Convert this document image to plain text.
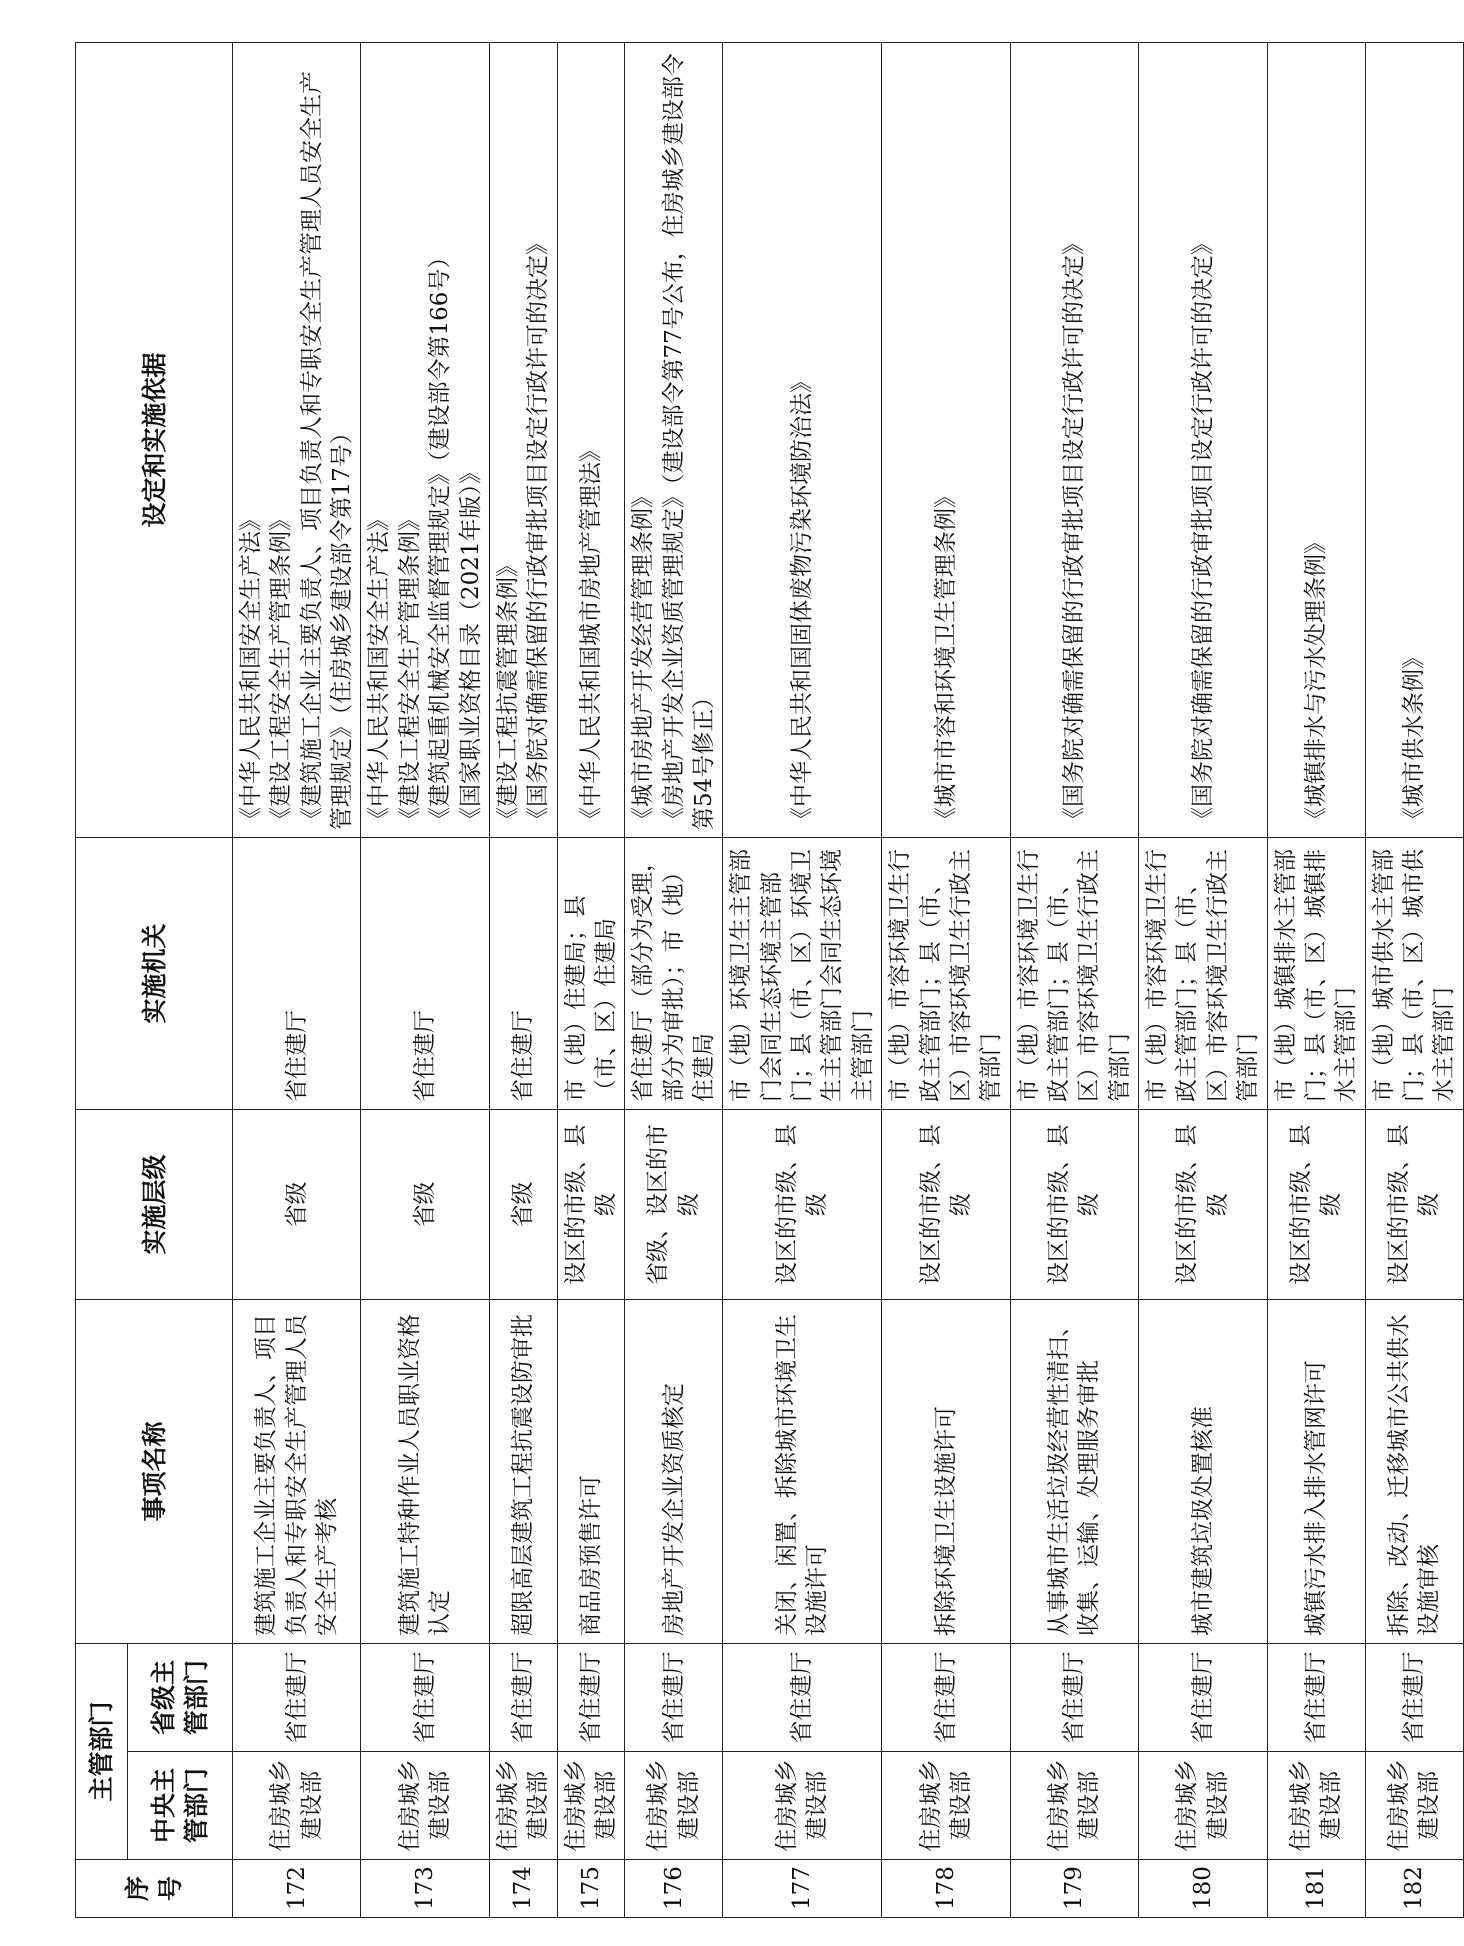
序号	主管部门		事项名称	实施层级	实施机关	设定和实施依据
	中央主管部门	省级主管部门				
172	住房城乡建设部	省住建厅	建筑施工企业主要负责人、项目负责人和专职安全生产管理人员安全生产考核	省级	省住建厅	《中华人民共和国安全生产法》 《建设工程安全生产管理条例》 《建筑施工企业主要负责人、项目负责人和专职安全生产管理人员安全生产管理规定》（住房城乡建设部令第17号）

173	住房城乡建设部	省住建厅	建筑施工特种作业人员职业资格认定	省级	省住建厅	《中华人民共和国安全生产法》 《建设工程安全生产管理条例》 《建筑起重机械安全监督管理规定》（建设部令第166号） 《国家职业资格目录（2021年版）》

174	住房城乡建设部	省住建厅	超限高层建筑工程抗震设防审批	省级	省住建厅	《建设工程抗震管理条例》 《国务院对确需保留的行政审批项目设定行政许可的决定》

175	住房城乡建设部	省住建厅	商品房预售许可	设区的市级、县级	市（地）住建局；县（市、区）住建局	《中华人民共和国城市房地产管理法》

176	住房城乡建设部	省住建厅	房地产开发企业资质核定	省级、设区的市级	省住建厅（部分为受理，部分为审批）；市（地）住建局	《城市房地产开发经营管理条例》 《房地产开发企业资质管理规定》（建设部令第77号公布，住房城乡建设部令第54号修正）

177	住房城乡建设部	省住建厅	关闭、闲置、拆除城市环境卫生设施许可	设区的市级、县级	市（地）环境卫生主管部门会同生态环境主管部门；县（市、区）环境卫生主管部门会同生态环境主管部门	《中华人民共和国固体废物污染环境防治法》

178	住房城乡建设部	省住建厅	拆除环境卫生设施许可	设区的市级、县级	市（地）市容环境卫生行政主管部门；县（市、区）市容环境卫生行政主管部门	《城市市容和环境卫生管理条例》

179	住房城乡建设部	省住建厅	从事城市生活垃圾经营性清扫、收集、运输、处理服务审批	设区的市级、县级	市（地）市容环境卫生行政主管部门；县（市、区）市容环境卫生行政主管部门	《国务院对确需保留的行政审批项目设定行政许可的决定》

180	住房城乡建设部	省住建厅	城市建筑垃圾处置核准	设区的市级、县级	市（地）市容环境卫生行政主管部门；县（市、区）市容环境卫生行政主管部门	《国务院对确需保留的行政审批项目设定行政许可的决定》

181	住房城乡建设部	省住建厅	城镇污水排入排水管网许可	设区的市级、县级	市（地）城镇排水主管部门；县（市、区）城镇排水主管部门	《城镇排水与污水处理条例》

182	住房城乡建设部	省住建厅	拆除、改动、迁移城市公共供水设施审核	设区的市级、县级	市（地）城市供水主管部门；县（市、区）城市供水主管部门	《城市供水条例》
